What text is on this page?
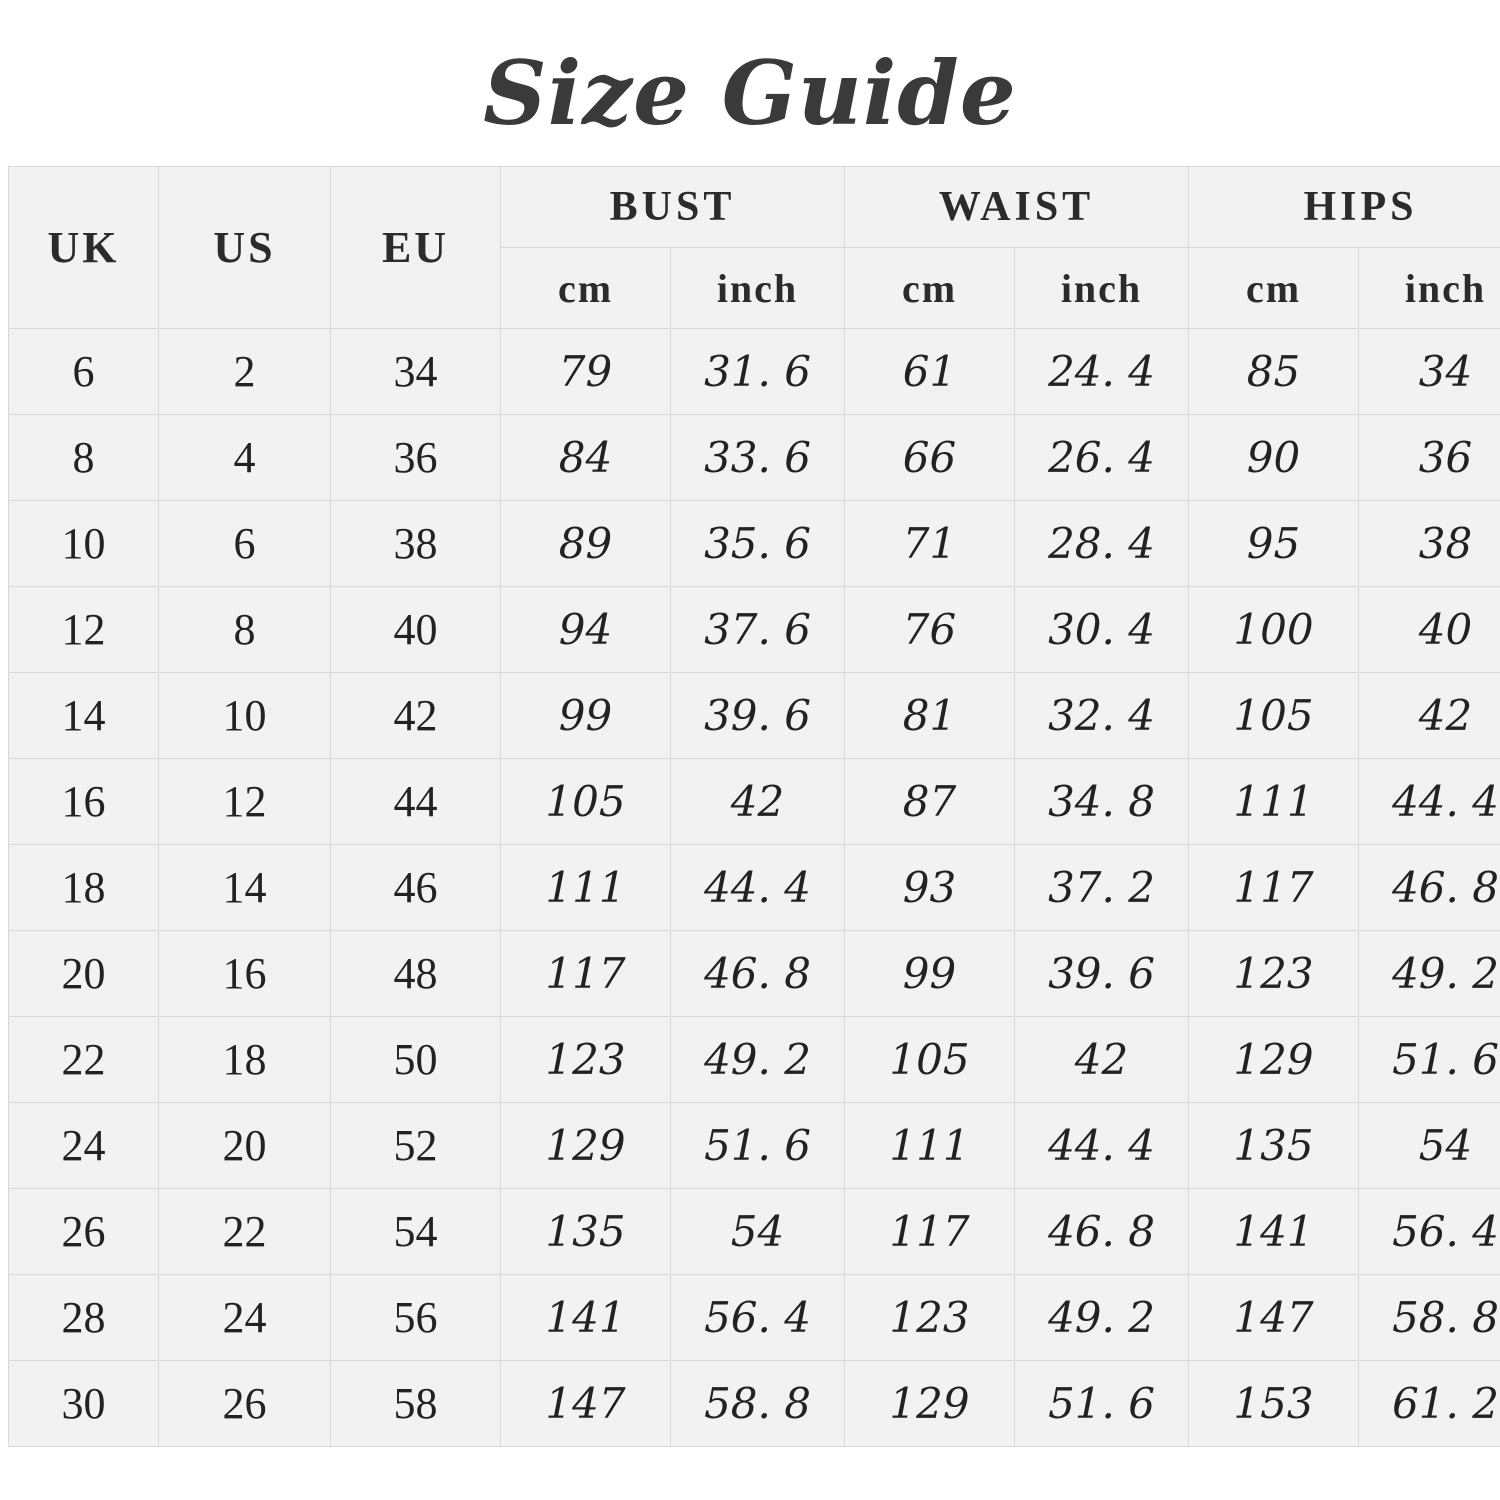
Size Guide
UK	US	EU	BUST		WAIST		HIPS	
			cm	inch	cm	inch	cm	inch
6	2	34	79	31. 6	61	24. 4	85	34
8	4	36	84	33. 6	66	26. 4	90	36
10	6	38	89	35. 6	71	28. 4	95	38
12	8	40	94	37. 6	76	30. 4	100	40
14	10	42	99	39. 6	81	32. 4	105	42
16	12	44	105	42	87	34. 8	111	44. 4
18	14	46	111	44. 4	93	37. 2	117	46. 8
20	16	48	117	46. 8	99	39. 6	123	49. 2
22	18	50	123	49. 2	105	42	129	51. 6
24	20	52	129	51. 6	111	44. 4	135	54
26	22	54	135	54	117	46. 8	141	56. 4
28	24	56	141	56. 4	123	49. 2	147	58. 8
30	26	58	147	58. 8	129	51. 6	153	61. 2
